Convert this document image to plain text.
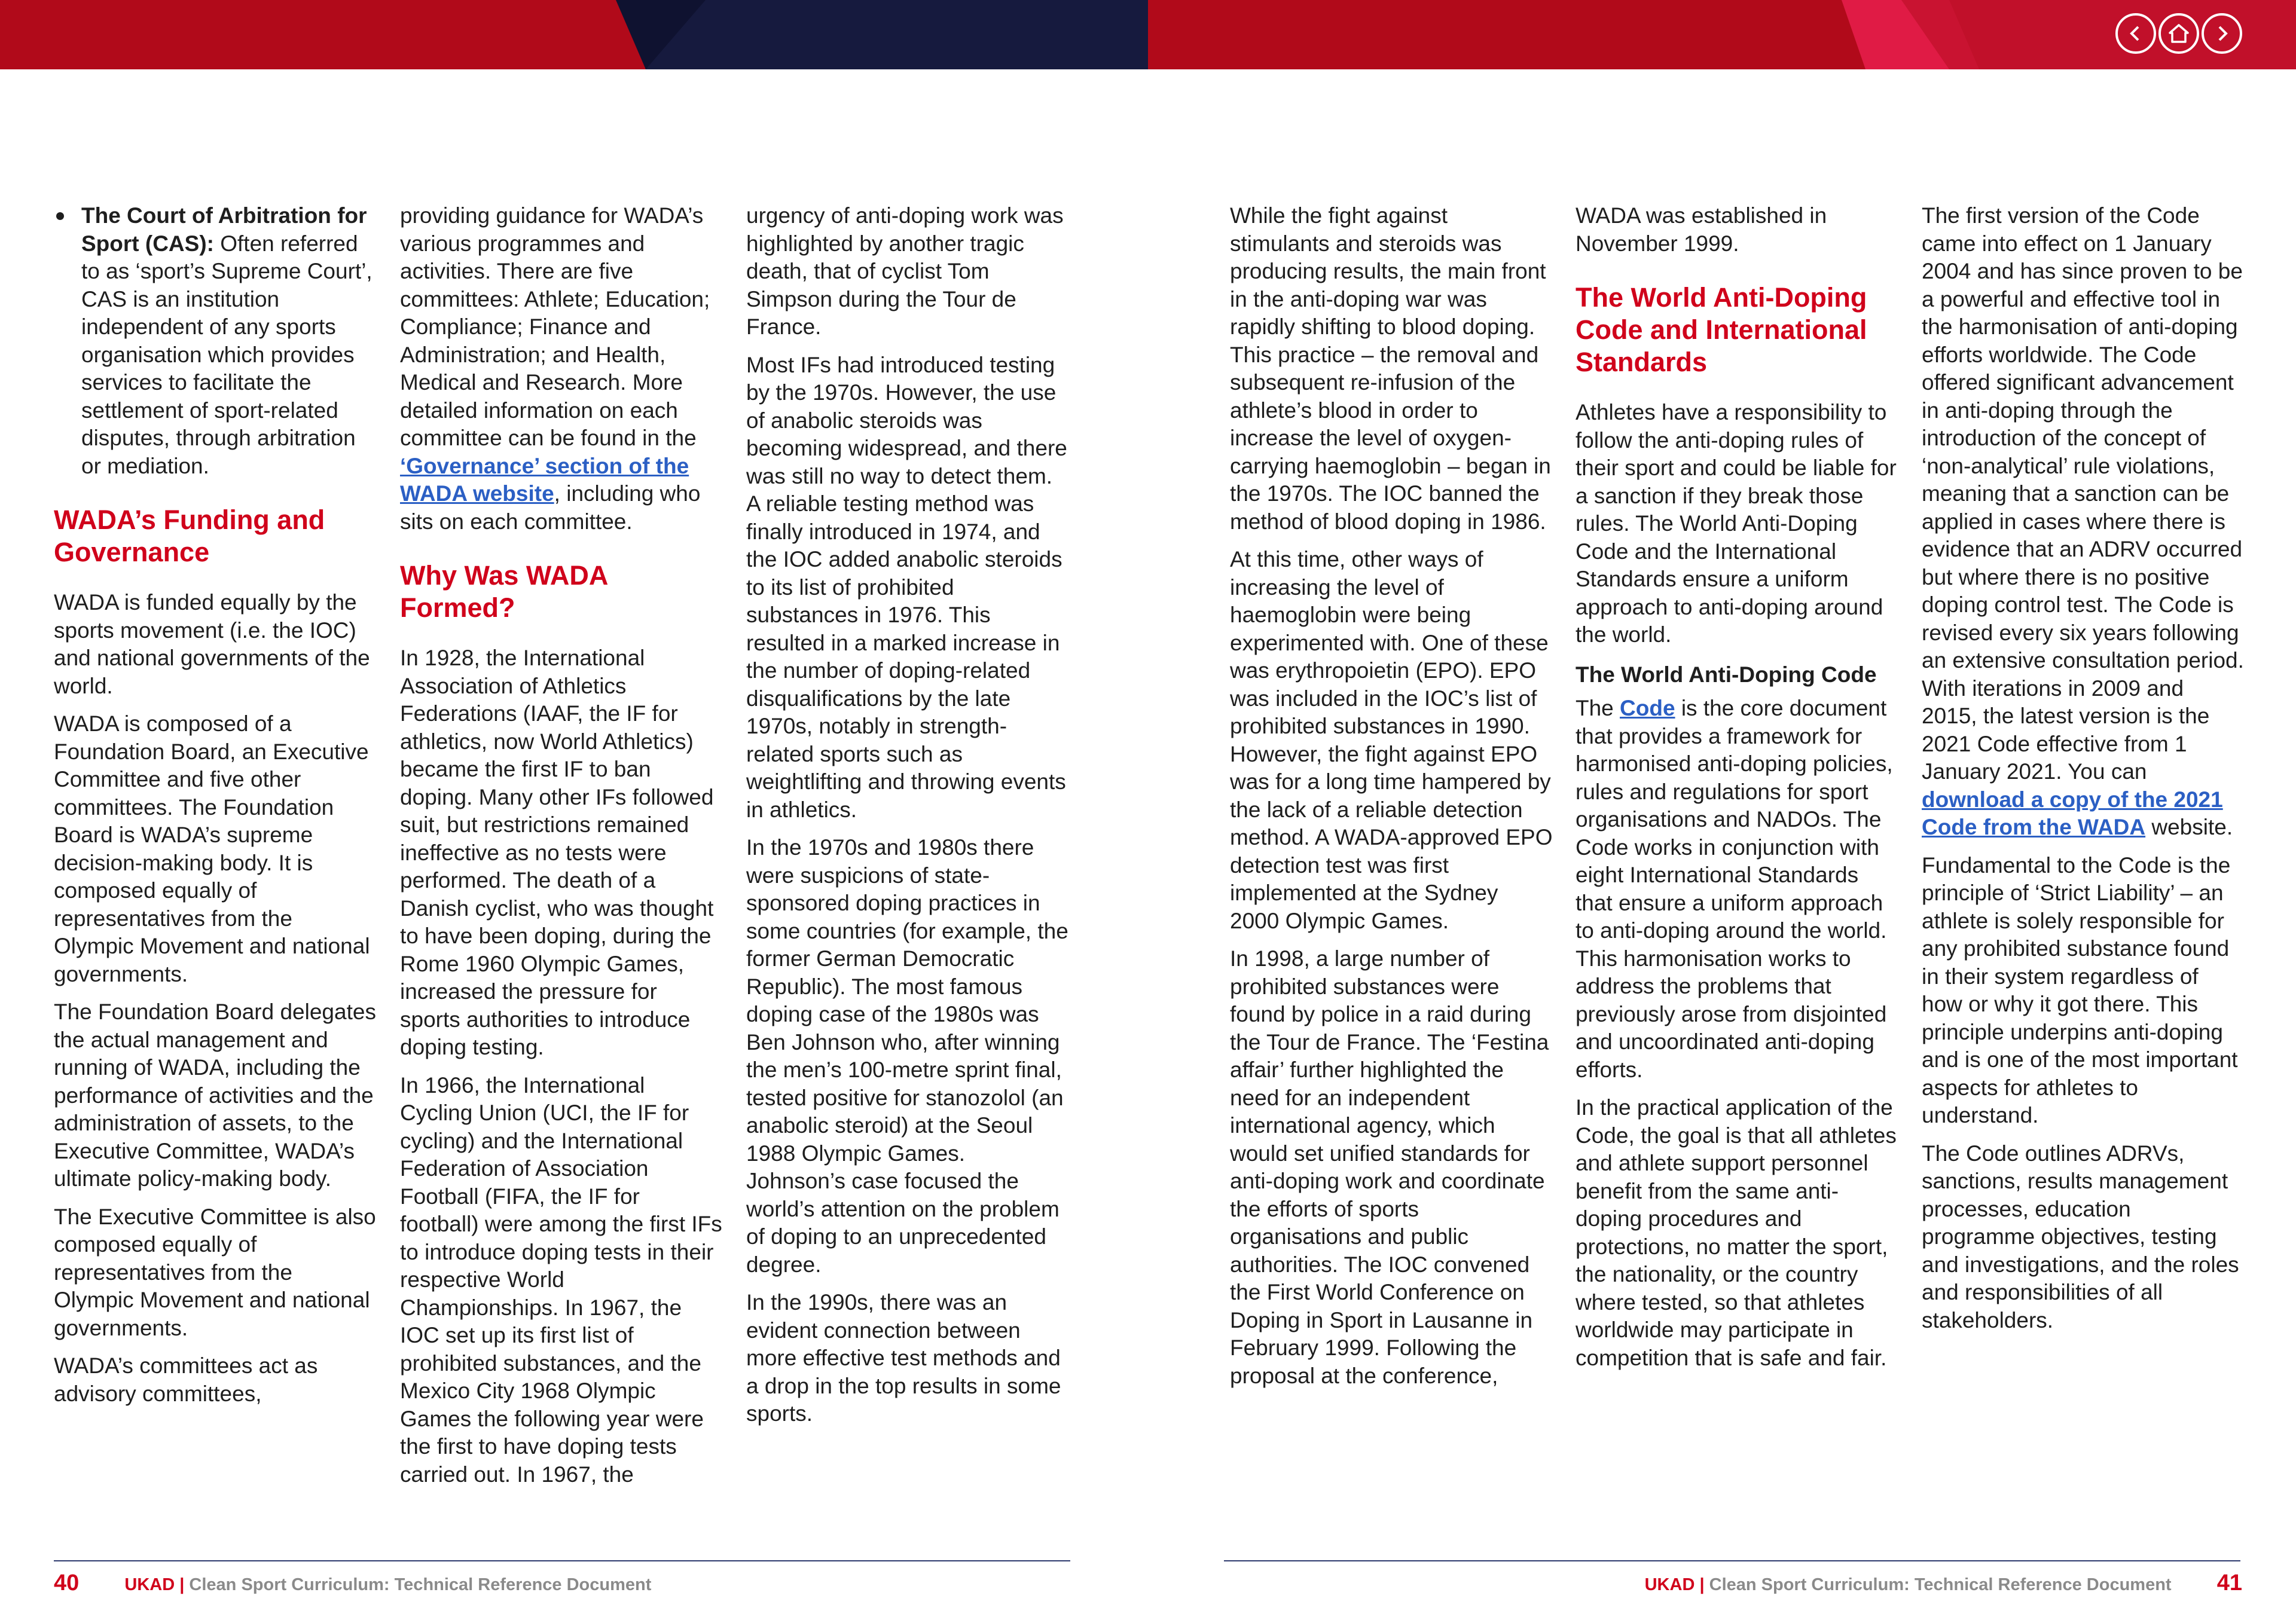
The Court of Arbitration for Sport (CAS): Often referred to as ‘sport’s Supreme Court’, CAS is an institution independent of any sports organisation which provides services to facilitate the settlement of sport-related disputes, through arbitration or mediation.

WADA’s Funding and Governance

WADA is funded equally by the sports movement (i.e. the IOC) and national governments of the world.

WADA is composed of a Foundation Board, an Executive Committee and five other committees. The Foundation Board is WADA’s supreme decision-making body. It is composed equally of representatives from the Olympic Movement and national governments.

The Foundation Board delegates the actual management and running of WADA, including the performance of activities and the administration of assets, to the Executive Committee, WADA’s ultimate policy-making body.

The Executive Committee is also composed equally of representatives from the Olympic Movement and national governments.

WADA’s committees act as advisory committees,

providing guidance for WADA’s various programmes and activities. There are five committees: Athlete; Education; Compliance; Finance and Administration; and Health, Medical and Research. More detailed information on each committee can be found in the ‘Governance’ section of the WADA website, including who sits on each committee.

Why Was WADA Formed?

In 1928, the International Association of Athletics Federations (IAAF, the IF for athletics, now World Athletics) became the first IF to ban doping. Many other IFs followed suit, but restrictions remained ineffective as no tests were performed. The death of a Danish cyclist, who was thought to have been doping, during the Rome 1960 Olympic Games, increased the pressure for sports authorities to introduce doping testing.

In 1966, the International Cycling Union (UCI, the IF for cycling) and the International Federation of Association Football (FIFA, the IF for football) were among the first IFs to introduce doping tests in their respective World Championships. In 1967, the IOC set up its first list of prohibited substances, and the Mexico City 1968 Olympic Games the following year were the first to have doping tests carried out. In 1967, the

urgency of anti-doping work was highlighted by another tragic death, that of cyclist Tom Simpson during the Tour de France.

Most IFs had introduced testing by the 1970s. However, the use of anabolic steroids was becoming widespread, and there was still no way to detect them. A reliable testing method was finally introduced in 1974, and the IOC added anabolic steroids to its list of prohibited substances in 1976. This resulted in a marked increase in the number of doping-related disqualifications by the late 1970s, notably in strength-related sports such as weightlifting and throwing events in athletics.

In the 1970s and 1980s there were suspicions of state-sponsored doping practices in some countries (for example, the former German Democratic Republic). The most famous doping case of the 1980s was Ben Johnson who, after winning the men’s 100-metre sprint final, tested positive for stanozolol (an anabolic steroid) at the Seoul 1988 Olympic Games. Johnson’s case focused the world’s attention on the problem of doping to an unprecedented degree.

In the 1990s, there was an evident connection between more effective test methods and a drop in the top results in some sports.

40	UKAD | Clean Sport Curriculum: Technical Reference Document

While the fight against stimulants and steroids was producing results, the main front in the anti-doping war was rapidly shifting to blood doping. This practice – the removal and subsequent re-infusion of the athlete’s blood in order to increase the level of oxygen-carrying haemoglobin – began in the 1970s. The IOC banned the method of blood doping in 1986.

At this time, other ways of increasing the level of haemoglobin were being experimented with. One of these was erythropoietin (EPO). EPO was included in the IOC’s list of prohibited substances in 1990. However, the fight against EPO was for a long time hampered by the lack of a reliable detection method. A WADA-approved EPO detection test was first implemented at the Sydney 2000 Olympic Games.

In 1998, a large number of prohibited substances were found by police in a raid during the Tour de France. The ‘Festina affair’ further highlighted the need for an independent international agency, which would set unified standards for anti-doping work and coordinate the efforts of sports organisations and public authorities. The IOC convened the First World Conference on Doping in Sport in Lausanne in February 1999. Following the proposal at the conference,

WADA was established in November 1999.

The World Anti-Doping Code and International Standards

Athletes have a responsibility to follow the anti-doping rules of their sport and could be liable for a sanction if they break those rules. The World Anti-Doping Code and the International Standards ensure a uniform approach to anti-doping around the world.

The World Anti-Doping Code

The Code is the core document that provides a framework for harmonised anti-doping policies, rules and regulations for sport organisations and NADOs. The Code works in conjunction with eight International Standards that ensure a uniform approach to anti-doping around the world. This harmonisation works to address the problems that previously arose from disjointed and uncoordinated anti-doping efforts.

In the practical application of the Code, the goal is that all athletes and athlete support personnel benefit from the same anti-doping procedures and protections, no matter the sport, the nationality, or the country where tested, so that athletes worldwide may participate in competition that is safe and fair.

The first version of the Code came into effect on 1 January 2004 and has since proven to be a powerful and effective tool in the harmonisation of anti-doping efforts worldwide. The Code offered significant advancement in anti-doping through the introduction of the concept of ‘non-analytical’ rule violations, meaning that a sanction can be applied in cases where there is evidence that an ADRV occurred but where there is no positive doping control test. The Code is revised every six years following an extensive consultation period. With iterations in 2009 and 2015, the latest version is the 2021 Code effective from 1 January 2021. You can download a copy of the 2021 Code from the WADA website.

Fundamental to the Code is the principle of ‘Strict Liability’ – an athlete is solely responsible for any prohibited substance found in their system regardless of how or why it got there. This principle underpins anti-doping and is one of the most important aspects for athletes to understand.

The Code outlines ADRVs, sanctions, results management processes, education programme objectives, testing and investigations, and the roles and responsibilities of all stakeholders.

UKAD | Clean Sport Curriculum: Technical Reference Document 41
